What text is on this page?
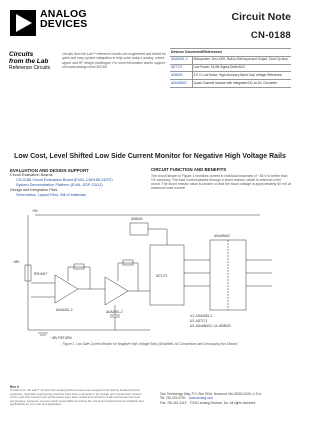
ANALOG
DEVICES
Circuit Note
CN-0188
Circuits
from the Lab
Reference Circuits
Circuits from the Lab™ reference circuits are engineered and tested for quick and easy system integration to help solve today's analog, mixed-signal, and RF design challenges. For more information and/or support, visit www.analog.com/CN0188.
Devices Connected/Referenced	
ADA4051-2	Micropower, Zero-Drift, Rail-to-Rail Input and Output, Dual Op Amp
AD7171	Low Power, 16-Bit Sigma-Delta ADC
AD8603	2.5 V, Low Noise, High Accuracy Band Gap Voltage Reference
ADuM5402	Quad-Channel Isolator with Integrated DC-to-DC Converter
Low Cost, Level Shifted Low Side Current Monitor for Negative High Voltage Rails
EVALUATION AND DESIGN SUPPORT
Circuit Evaluation Boards
CN-0188 Circuit Evaluation Board (EVAL-CN0188-SDPZ)
System Demonstration Platform (EVAL-SDP-CB1Z)
Design and Integration Files
Schematics, Layout Files, Bill of Materials
CIRCUIT FUNCTION AND BENEFITS

The circuit shown in Figure 1 monitors current in individual channels of −48 V to better than 1% accuracy. The load current passes through a shunt resistor, which is external to the circuit. The shunt resistor value is chosen so that the shunt voltage is approximately 50 mV at maximum load current.

+5V
ADA4051-2	ADA4051-2
AD7171
ADuM5402
AD8603
−48V
RSHUNT
U1: ADA4051-2
U2: AD7171
U3: ADuM5402, U4: AD8603
−48V RETURN
Figure 1. Low Side Current Monitor for Negative High Voltage Rails (Simplified: All Connections and Decoupling Not Shown)
Rev. 0
Circuits from the Lab™ circuits from Analog Devices have been designed and built by Analog Devices engineers. Standard engineering practices have been employed in the design and construction of each circuit, and their function and performance have been tested and verified in a lab environment at room temperature. However, you are solely responsible for testing the circuit and determining its suitability and applicability for your use and application.
One Technology Way, P.O. Box 9106, Norwood, MA 02062-9106, U.S.A.
Tel: 781.329.4700 www.analog.com
Fax: 781.461.3113 ©2011 Analog Devices, Inc. All rights reserved.
